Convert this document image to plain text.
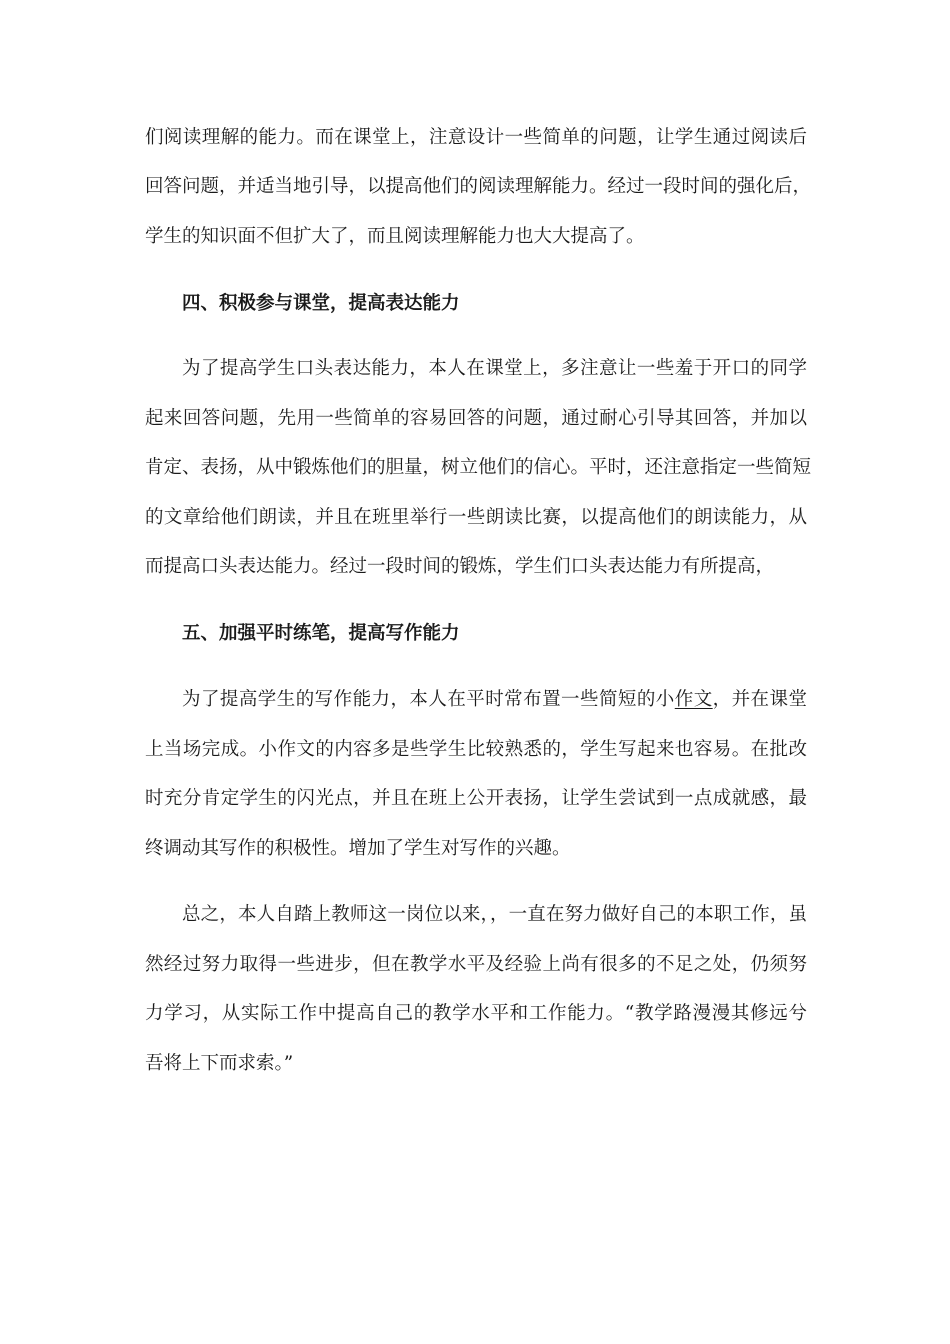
们阅读理解的能力。而在课堂上，注意设计一些简单的问题，让学生通过阅读后
回答问题，并适当地引导，以提高他们的阅读理解能力。经过一段时间的强化后，
学生的知识面不但扩大了，而且阅读理解能力也大大提高了。
四、积极参与课堂，提高表达能力
为了提高学生口头表达能力，本人在课堂上，多注意让一些羞于开口的同学
起来回答问题，先用一些简单的容易回答的问题，通过耐心引导其回答，并加以
肯定、表扬，从中锻炼他们的胆量，树立他们的信心。平时，还注意指定一些简短
的文章给他们朗读，并且在班里举行一些朗读比赛，以提高他们的朗读能力，从
而提高口头表达能力。经过一段时间的锻炼，学生们口头表达能力有所提高，
五、加强平时练笔，提高写作能力
为了提高学生的写作能力，本人在平时常布置一些简短的小作文，并在课堂
上当场完成。小作文的内容多是些学生比较熟悉的，学生写起来也容易。在批改
时充分肯定学生的闪光点，并且在班上公开表扬，让学生尝试到一点成就感，最
终调动其写作的积极性。增加了学生对写作的兴趣。
总之，本人自踏上教师这一岗位以来，，一直在努力做好自己的本职工作，虽
然经过努力取得一些进步，但在教学水平及经验上尚有很多的不足之处，仍须努
力学习，从实际工作中提高自己的教学水平和工作能力。“教学路漫漫其修远兮
吾将上下而求索。”
